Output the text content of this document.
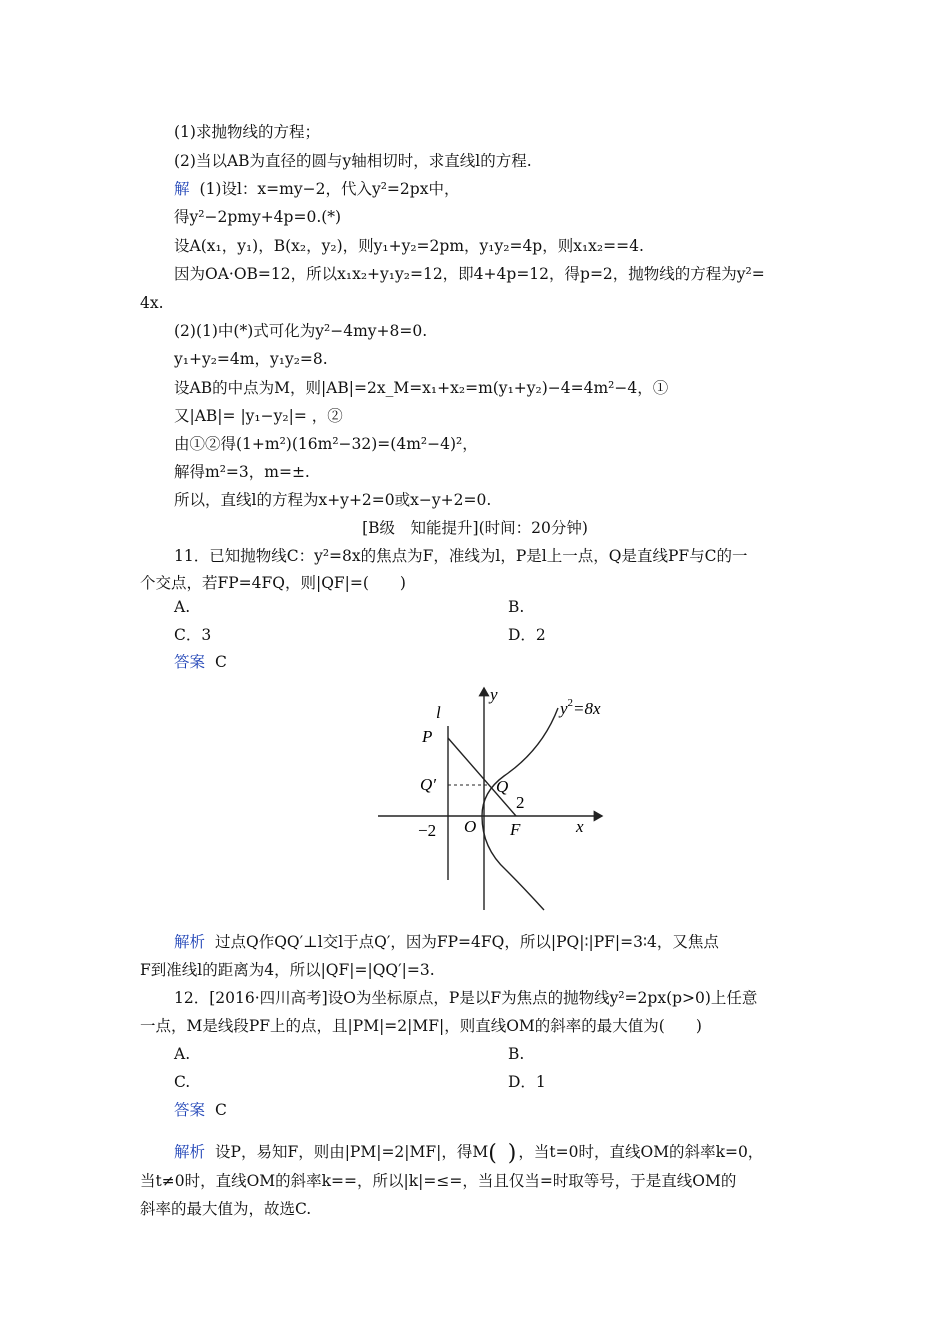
(1)求抛物线的方程；
(2)当以AB为直径的圆与y轴相切时，求直线l的方程.
解 (1)设l：x=my−2，代入y²=2px中，
得y²−2pmy+4p=0.(*)
设A(x₁，y₁)，B(x₂，y₂)，则y₁+y₂=2pm，y₁y₂=4p，则x₁x₂==4.
因为OA·OB=12，所以x₁x₂+y₁y₂=12，即4+4p=12，得p=2，抛物线的方程为y²=
4x.
(2)(1)中(*)式可化为y²−4my+8=0.
y₁+y₂=4m，y₁y₂=8.
设AB的中点为M，则|AB|=2x_M=x₁+x₂=m(y₁+y₂)−4=4m²−4，①
又|AB|= |y₁−y₂|= ，②
由①②得(1+m²)(16m²−32)=(4m²−4)²，
解得m²=3，m=±.
所以，直线l的方程为x+y+2=0或x−y+2=0.
[B级　知能提升](时间：20分钟)
11．已知抛物线C：y²=8x的焦点为F，准线为l，P是l上一点，Q是直线PF与C的一
个交点，若FP=4FQ，则|QF|=(　　)
A.	B.
C．3	D．2
答案 C
y
x
$y^2=8x$
l
P
Q′	Q
2
−2 O F
解析 过点Q作QQ′⊥l交l于点Q′，因为FP=4FQ，所以|PQ|∶|PF|=3∶4，又焦点
F到准线l的距离为4，所以|QF|=|QQ′|=3.
12．[2016·四川高考]设O为坐标原点，P是以F为焦点的抛物线y²=2px(p>0)上任意
一点，M是线段PF上的点，且|PM|=2|MF|，则直线OM的斜率的最大值为(　　)
A.	B.
C.	D．1
答案 C
解析 设P，易知F，则由|PM|=2|MF|，得M( )，当t=0时，直线OM的斜率k=0，
当t≠0时，直线OM的斜率k==，所以|k|=≤=，当且仅当=时取等号，于是直线OM的
斜率的最大值为，故选C.
